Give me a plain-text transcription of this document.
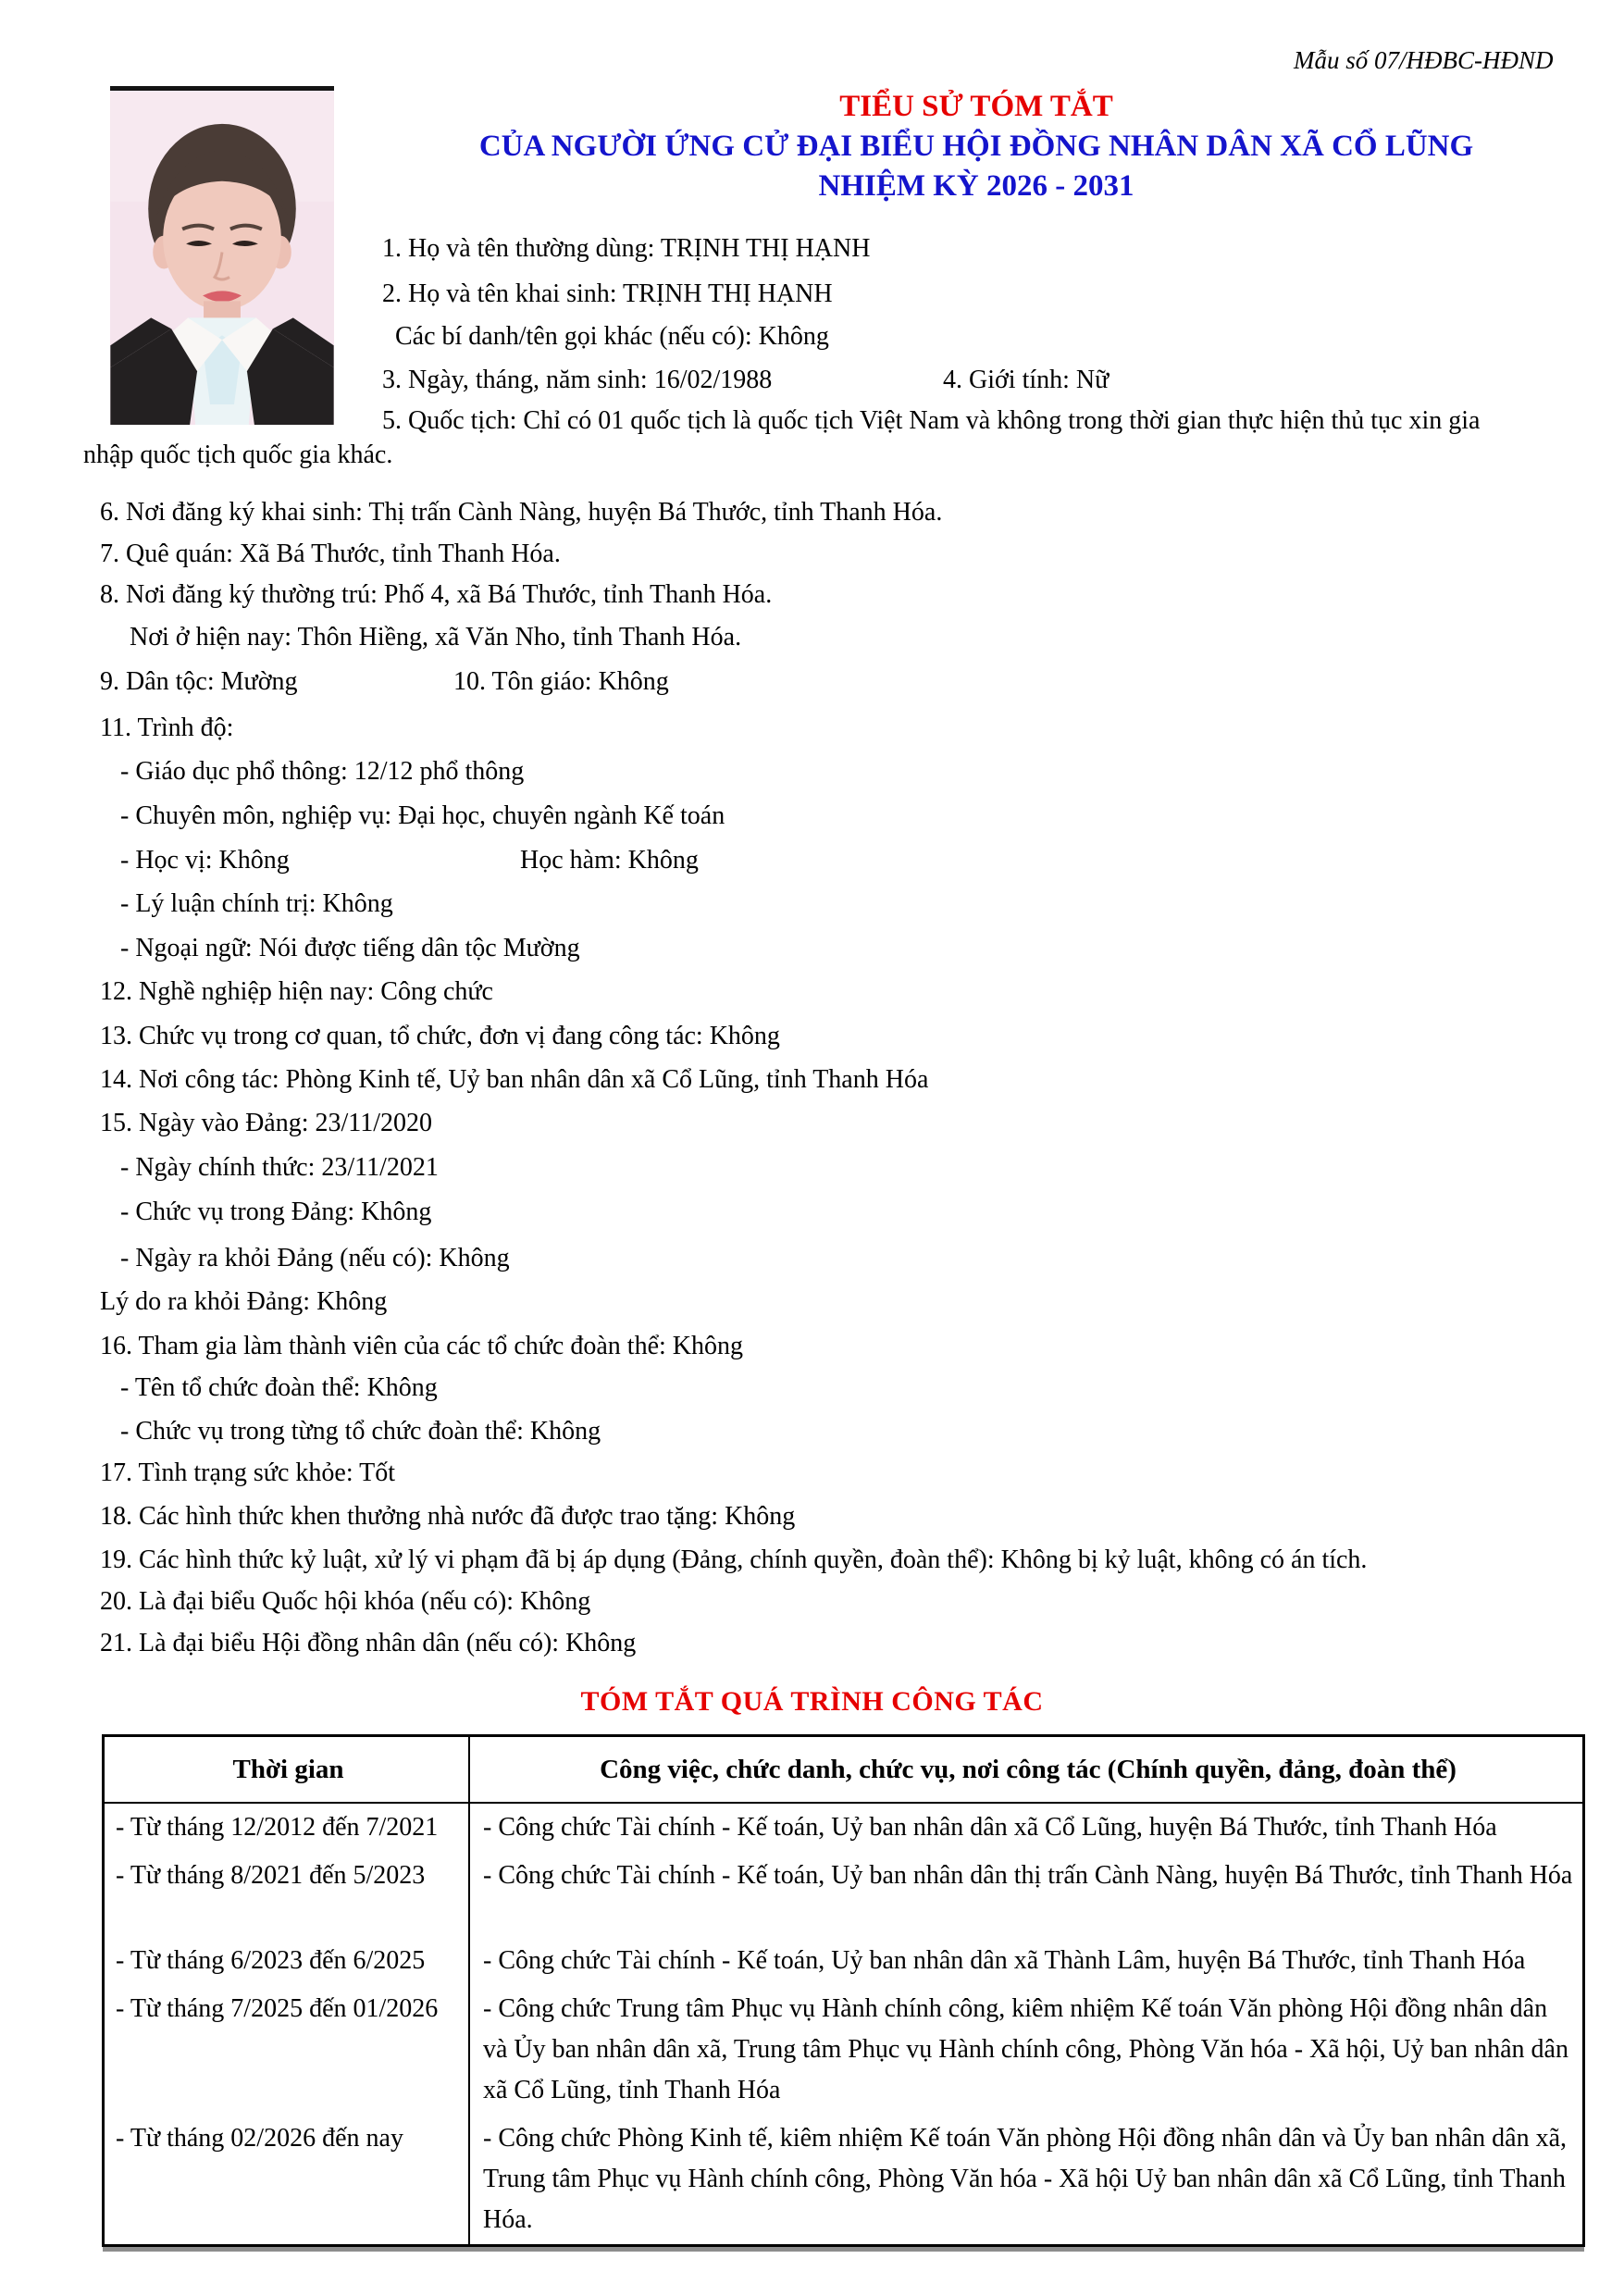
Mẫu số 07/HĐBC-HĐND
TIỂU SỬ TÓM TẮT
CỦA NGƯỜI ỨNG CỬ ĐẠI BIỂU HỘI ĐỒNG NHÂN DÂN XÃ CỔ LŨNG
NHIỆM KỲ 2026 - 2031
1. Họ và tên thường dùng: TRỊNH THỊ HẠNH
2. Họ và tên khai sinh: TRỊNH THỊ HẠNH
Các bí danh/tên gọi khác (nếu có): Không
3. Ngày, tháng, năm sinh: 16/02/1988	4. Giới tính: Nữ
5. Quốc tịch: Chỉ có 01 quốc tịch là quốc tịch Việt Nam và không trong thời gian thực hiện thủ tục xin gia
nhập quốc tịch quốc gia khác.
6. Nơi đăng ký khai sinh: Thị trấn Cành Nàng, huyện Bá Thước, tỉnh Thanh Hóa.
7. Quê quán: Xã Bá Thước, tỉnh Thanh Hóa.
8. Nơi đăng ký thường trú: Phố 4, xã Bá Thước, tỉnh Thanh Hóa.
Nơi ở hiện nay: Thôn Hiềng, xã Văn Nho, tỉnh Thanh Hóa.
9. Dân tộc: Mường	10. Tôn giáo: Không
11. Trình độ:
- Giáo dục phổ thông: 12/12 phổ thông
- Chuyên môn, nghiệp vụ: Đại học, chuyên ngành Kế toán
- Học vị: Không	Học hàm: Không
- Lý luận chính trị: Không
- Ngoại ngữ: Nói được tiếng dân tộc Mường
12. Nghề nghiệp hiện nay: Công chức
13. Chức vụ trong cơ quan, tổ chức, đơn vị đang công tác: Không
14. Nơi công tác: Phòng Kinh tế, Uỷ ban nhân dân xã Cổ Lũng, tỉnh Thanh Hóa
15. Ngày vào Đảng: 23/11/2020
- Ngày chính thức: 23/11/2021
- Chức vụ trong Đảng: Không
- Ngày ra khỏi Đảng (nếu có): Không
Lý do ra khỏi Đảng: Không
16. Tham gia làm thành viên của các tổ chức đoàn thể: Không
- Tên tổ chức đoàn thể: Không
- Chức vụ trong từng tổ chức đoàn thể: Không
17. Tình trạng sức khỏe: Tốt
18. Các hình thức khen thưởng nhà nước đã được trao tặng: Không
19. Các hình thức kỷ luật, xử lý vi phạm đã bị áp dụng (Đảng, chính quyền, đoàn thể): Không bị kỷ luật, không có án tích.
20. Là đại biểu Quốc hội khóa (nếu có): Không
21. Là đại biểu Hội đồng nhân dân (nếu có): Không
TÓM TẮT QUÁ TRÌNH CÔNG TÁC
Thời gian	Công việc, chức danh, chức vụ, nơi công tác (Chính quyền, đảng, đoàn thể)
- Từ tháng 12/2012 đến 7/2021	- Công chức Tài chính - Kế toán, Uỷ ban nhân dân xã Cổ Lũng, huyện Bá Thước, tỉnh Thanh Hóa
- Từ tháng 8/2021 đến 5/2023	- Công chức Tài chính - Kế toán, Uỷ ban nhân dân thị trấn Cành Nàng, huyện Bá Thước, tỉnh Thanh Hóa
- Từ tháng 6/2023 đến 6/2025	- Công chức Tài chính - Kế toán, Uỷ ban nhân dân xã Thành Lâm, huyện Bá Thước, tỉnh Thanh Hóa
- Từ tháng 7/2025 đến 01/2026	- Công chức Trung tâm Phục vụ Hành chính công, kiêm nhiệm Kế toán Văn phòng Hội đồng nhân dân và Ủy ban nhân dân xã, Trung tâm Phục vụ Hành chính công, Phòng Văn hóa - Xã hội, Uỷ ban nhân dân xã Cổ Lũng, tỉnh Thanh Hóa
- Từ tháng 02/2026 đến nay	- Công chức Phòng Kinh tế, kiêm nhiệm Kế toán Văn phòng Hội đồng nhân dân và Ủy ban nhân dân xã, Trung tâm Phục vụ Hành chính công, Phòng Văn hóa - Xã hội Uỷ ban nhân dân xã Cổ Lũng, tỉnh Thanh Hóa.
